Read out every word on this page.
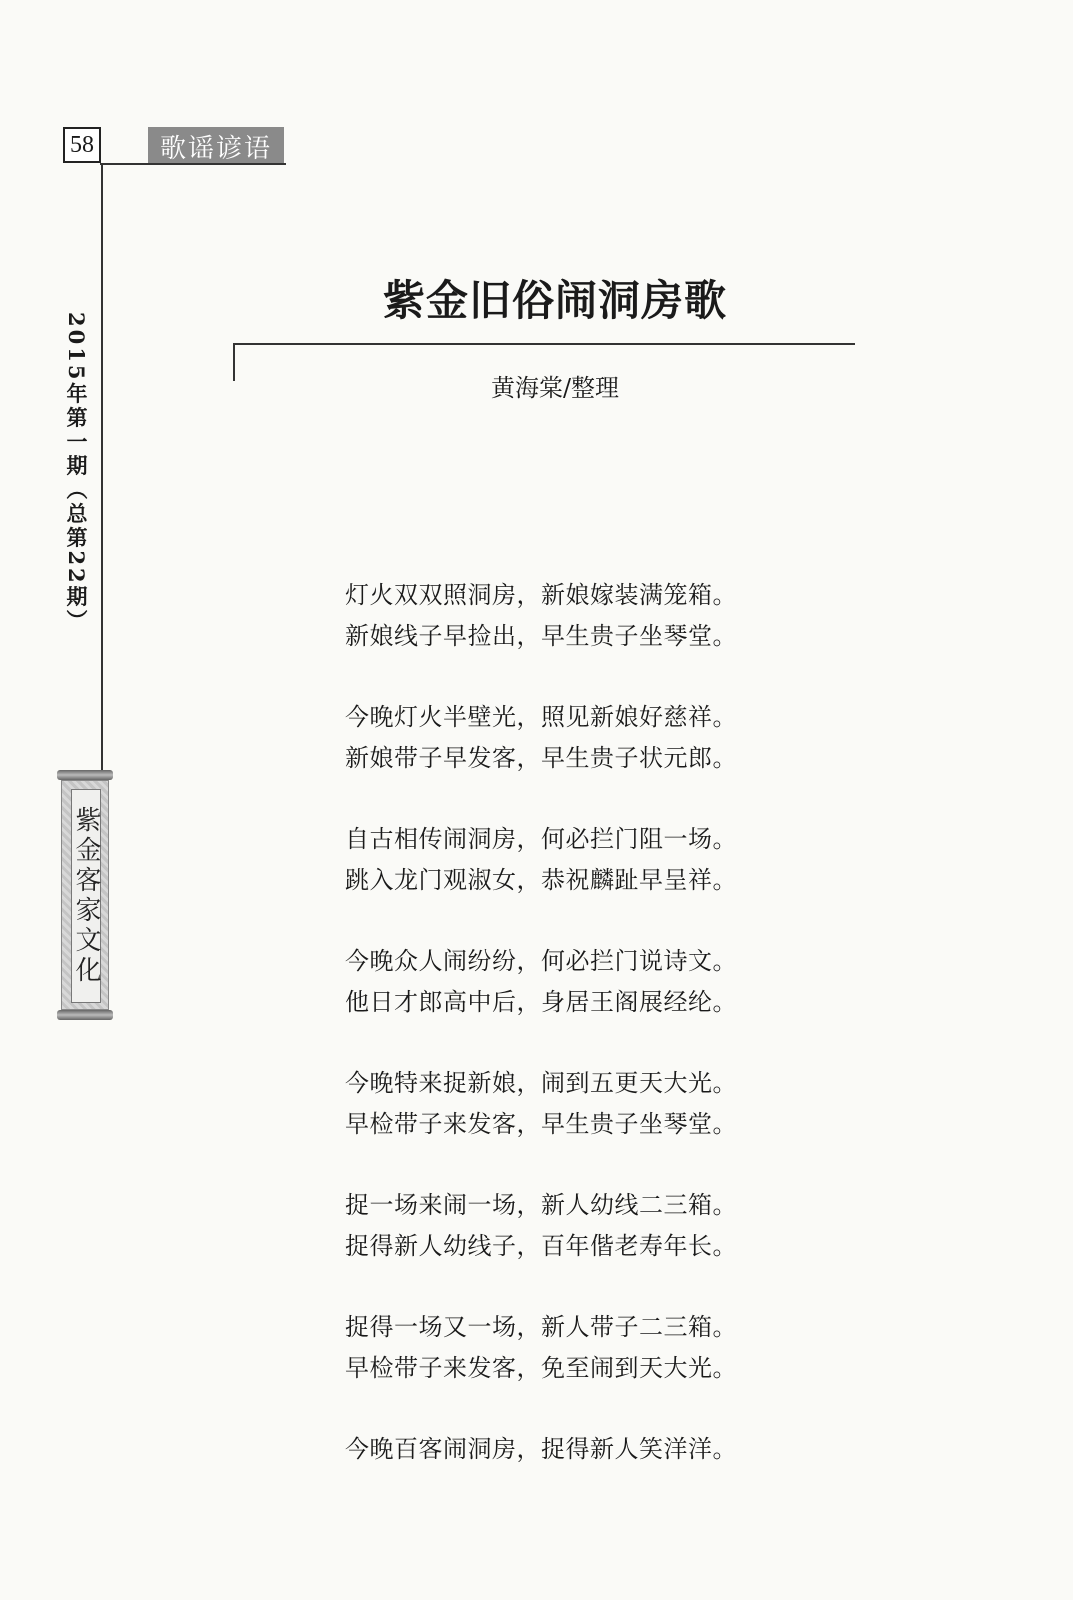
58	歌谣谚语
2015年第一期（总第22期）
紫金客家文化
紫金旧俗闹洞房歌
黄海棠/整理
灯火双双照洞房，新娘嫁装满笼箱。
新娘线子早捡出，早生贵子坐琴堂。
今晚灯火半壁光，照见新娘好慈祥。
新娘带子早发客，早生贵子状元郎。
自古相传闹洞房，何必拦门阻一场。
跳入龙门观淑女，恭祝麟趾早呈祥。
今晚众人闹纷纷，何必拦门说诗文。
他日才郎高中后，身居王阁展经纶。
今晚特来捉新娘，闹到五更天大光。
早检带子来发客，早生贵子坐琴堂。
捉一场来闹一场，新人幼线二三箱。
捉得新人幼线子，百年偕老寿年长。
捉得一场又一场，新人带子二三箱。
早检带子来发客，免至闹到天大光。
今晚百客闹洞房，捉得新人笑洋洋。
